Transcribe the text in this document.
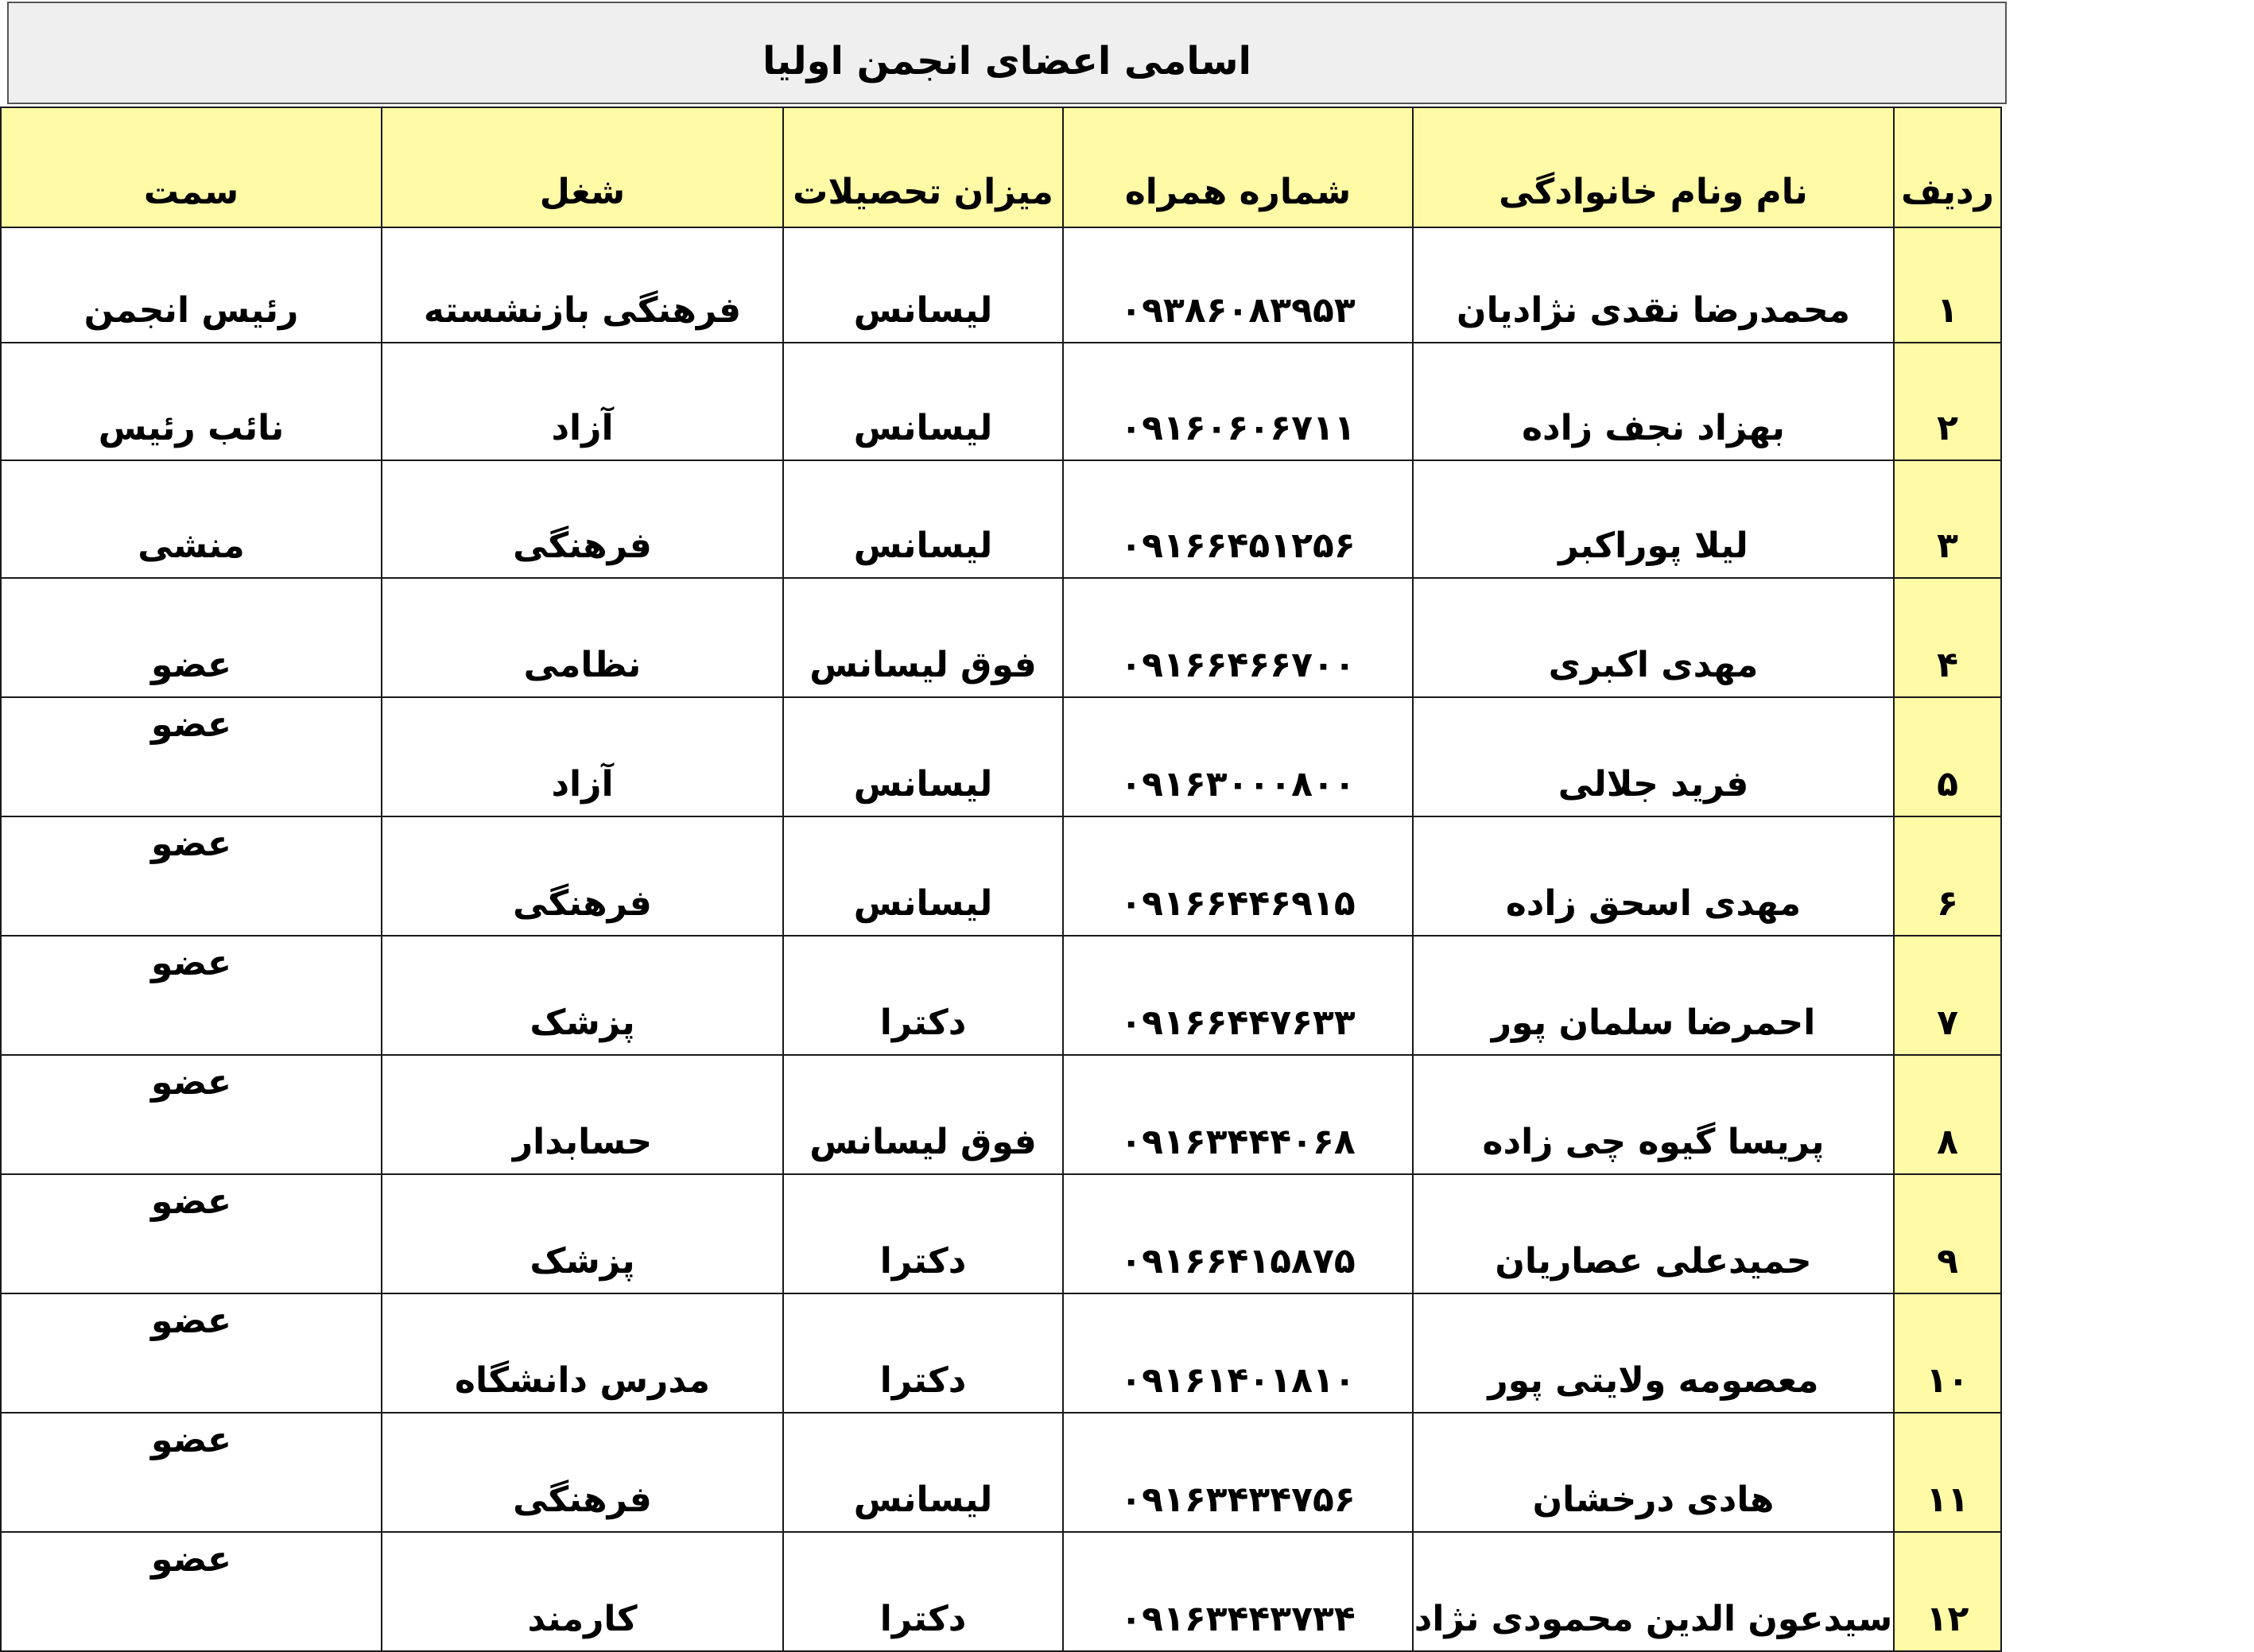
اسامی اعضای انجمن اولیا
سمت	شغل	میزان تحصیلات	شماره همراه	نام ونام خانوادگی	ردیف
رئیس انجمن	فرهنگی بازنشسته	لیسانس	۰۹۳۸۶۰۸۳۹۵۳	محمدرضا نقدی نژادیان	۱
نائب رئیس	آزاد	لیسانس	۰۹۱۶۰۶۰۶۷۱۱	بهزاد نجف زاده	۲
منشی	فرهنگی	لیسانس	۰۹۱۶۶۴۵۱۲۵۶	لیلا پوراکبر	۳
عضو	نظامی	فوق لیسانس	۰۹۱۶۶۴۶۶۷۰۰	مهدی اکبری	۴
عضو	آزاد	لیسانس	۰۹۱۶۳۰۰۰۸۰۰	فرید جلالی	۵
عضو	فرهنگی	لیسانس	۰۹۱۶۶۴۴۶۹۱۵	مهدی اسحق زاده	۶
عضو	پزشک	دکترا	۰۹۱۶۶۴۴۷۶۳۳	احمرضا سلمان پور	۷
عضو	حسابدار	فوق لیسانس	۰۹۱۶۳۴۴۴۰۶۸	پریسا گیوه چی زاده	۸
عضو	پزشک	دکترا	۰۹۱۶۶۴۱۵۸۷۵	حمیدعلی عصاریان	۹
عضو	مدرس دانشگاه	دکترا	۰۹۱۶۱۴۰۱۸۱۰	معصومه ولایتی پور	۱۰
عضو	فرهنگی	لیسانس	۰۹۱۶۳۴۳۴۷۵۶	هادی درخشان	۱۱
عضو	کارمند	دکترا	۰۹۱۶۳۴۴۳۷۳۴	سیدعون الدین محمودی نژاد	۱۲
